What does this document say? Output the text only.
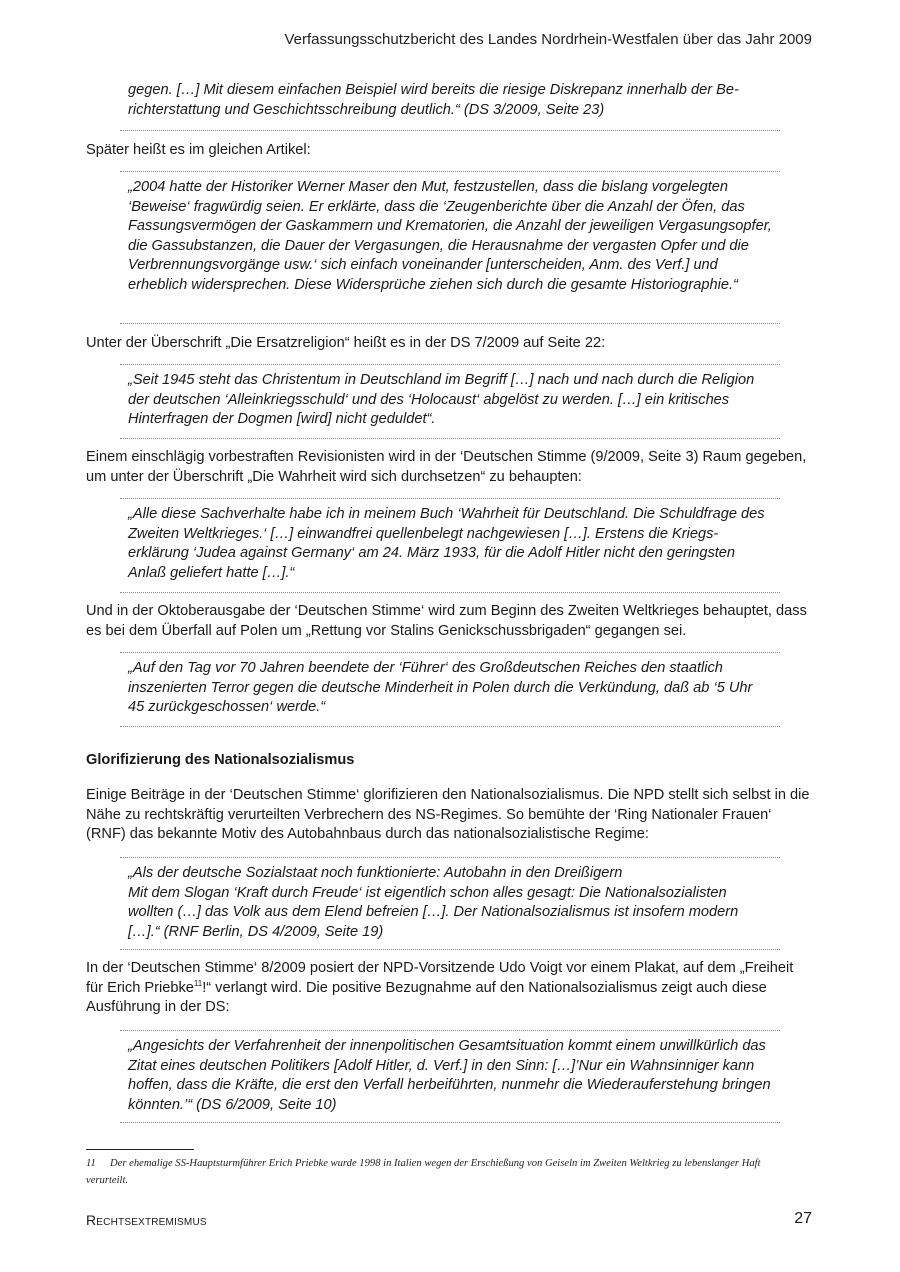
Verfassungsschutzbericht des Landes Nordrhein-Westfalen über das Jahr 2009

gegen. […] Mit diesem einfachen Beispiel wird bereits die riesige Diskrepanz innerhalb der Berichterstattung und Geschichtsschreibung deutlich.“ (DS 3/2009, Seite 23)

Später heißt es im gleichen Artikel:

„2004 hatte der Historiker Werner Maser den Mut, festzustellen, dass die bislang vorgelegten ‘Beweise‘ fragwürdig seien. Er erklärte, dass die ‘Zeugenberichte über die Anzahl der Öfen, das Fassungsvermögen der Gaskammern und Krematorien, die Anzahl der jeweiligen Vergasungsopfer, die Gassubstanzen, die Dauer der Vergasungen, die Herausnahme der vergasten Opfer und die Verbrennungsvorgänge usw.‘ sich einfach voneinander [unterscheiden, Anm. des Verf.] und erheblich widersprechen. Diese Widersprüche ziehen sich durch die gesamte Historiographie.“

Unter der Überschrift „Die Ersatzreligion“ heißt es in der DS 7/2009 auf Seite 22:

„Seit 1945 steht das Christentum in Deutschland im Begriff […] nach und nach durch die Religion der deutschen ‘Alleinkriegsschuld‘ und des ‘Holocaust‘ abgelöst zu werden. […] ein kritisches Hinterfragen der Dogmen [wird] nicht geduldet“.

Einem einschlägig vorbestraften Revisionisten wird in der ‘Deutschen Stimme (9/2009, Seite 3) Raum gegeben, um unter der Überschrift „Die Wahrheit wird sich durchsetzen“ zu behaupten:

„Alle diese Sachverhalte habe ich in meinem Buch ‘Wahrheit für Deutschland. Die Schuldfrage des Zweiten Weltkrieges.‘ […] einwandfrei quellenbelegt nachgewiesen […]. Erstens die Kriegserklärung ‘Judea against Germany‘ am 24. März 1933, für die Adolf Hitler nicht den geringsten Anlaß geliefert hatte […].“

Und in der Oktoberausgabe der ‘Deutschen Stimme‘ wird zum Beginn des Zweiten Weltkrieges behauptet, dass es bei dem Überfall auf Polen um „Rettung vor Stalins Genickschussbrigaden“ gegangen sei.

„Auf den Tag vor 70 Jahren beendete der ‘Führer‘ des Großdeutschen Reiches den staatlich inszenierten Terror gegen die deutsche Minderheit in Polen durch die Verkündung, daß ab ‘5 Uhr 45 zurückgeschossen‘ werde.“

Glorifizierung des Nationalsozialismus

Einige Beiträge in der ‘Deutschen Stimme‘ glorifizieren den Nationalsozialismus. Die NPD stellt sich selbst in die Nähe zu rechtskräftig verurteilten Verbrechern des NS-Regimes. So bemühte der ‘Ring Nationaler Frauen‘ (RNF) das bekannte Motiv des Autobahnbaus durch das nationalsozialistische Regime:

„Als der deutsche Sozialstaat noch funktionierte: Autobahn in den Dreißigern

Mit dem Slogan ‘Kraft durch Freude‘ ist eigentlich schon alles gesagt: Die Nationalsozialisten wollten (…] das Volk aus dem Elend befreien […]. Der Nationalsozialismus ist insofern modern […].“ (RNF Berlin, DS 4/2009, Seite 19)

In der ‘Deutschen Stimme‘ 8/2009 posiert der NPD-Vorsitzende Udo Voigt vor einem Plakat, auf dem „Freiheit für Erich Priebke$^{11}$!“ verlangt wird. Die positive Bezugnahme auf den Nationalsozialismus zeigt auch diese Ausführung in der DS:

„Angesichts der Verfahrenheit der innenpolitischen Gesamtsituation kommt einem unwillkürlich das Zitat eines deutschen Politikers [Adolf Hitler, d. Verf.] in den Sinn: […]’Nur ein Wahnsinniger kann hoffen, dass die Kräfte, die erst den Verfall herbeiführten, nunmehr die Wiederauferstehung bringen könnten.’“ (DS 6/2009, Seite 10)

11 Der ehemalige SS-Hauptsturmführer Erich Priebke wurde 1998 in Italien wegen der Erschießung von Geiseln im Zweiten Weltkrieg zu lebenslanger Haft verurteilt.

Rechtsextremismus	27
